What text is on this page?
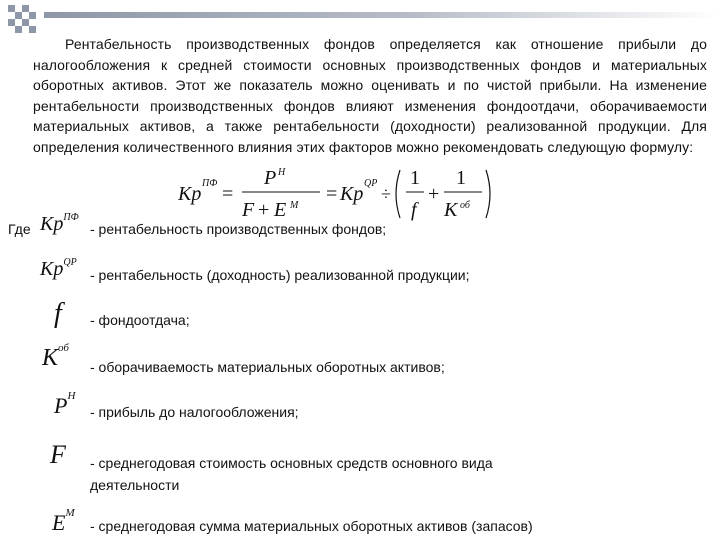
Рентабельность производственных фондов определяется как отношение прибыли до налогообложения к средней стоимости основных производственных фондов и материальных оборотных активов. Этот же показатель можно оценивать и по чистой прибыли. На изменение рентабельности производственных фондов влияют изменения фондоотдачи, оборачиваемости материальных активов, а также рентабельности (доходности) реализованной продукции. Для определения количественного влияния этих факторов можно рекомендовать следующую формулу:

Kp ПФ =
P Н
F + E M
= Kp QP
÷
1
f
+
1
K об
Где $Kp^{ПФ}$
$Kp^{QP}$
f
$K^{об}$
$P^Н$
F
$E^M$
- рентабельность производственных фондов;
- рентабельность (доходность) реализованной продукции;
- фондоотдача;
- оборачиваемость материальных оборотных активов;
- прибыль до налогообложения;
- среднегодовая стоимость основных средств основного вида деятельности
- среднегодовая сумма материальных оборотных активов (запасов)
